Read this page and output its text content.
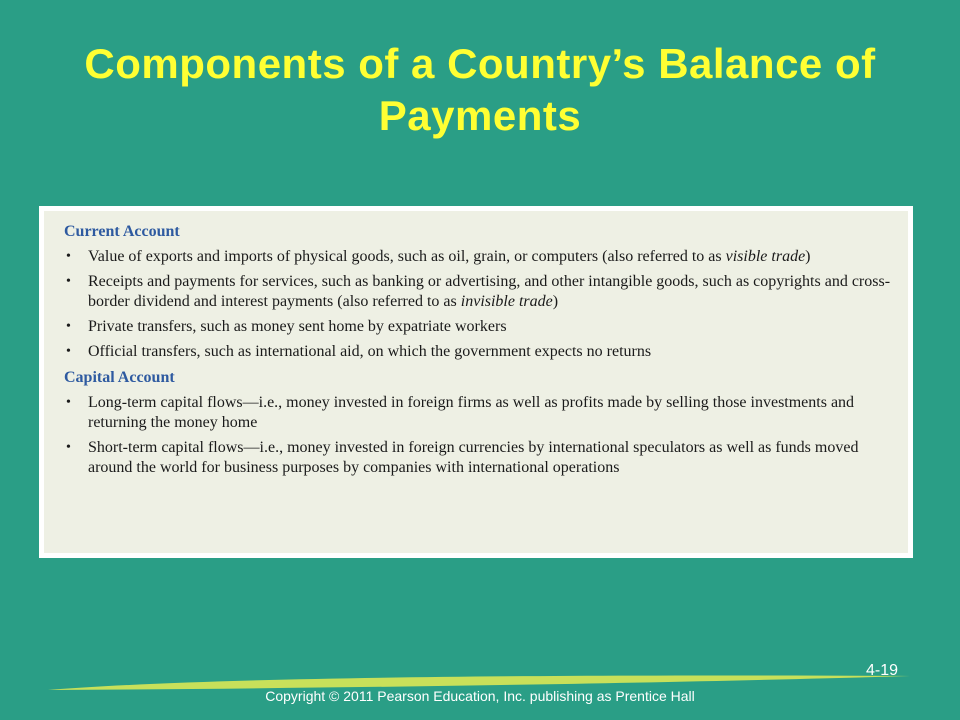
Components of a Country’s Balance of Payments

Current Account

• Value of exports and imports of physical goods, such as oil, grain, or computers (also referred to as visible trade)
• Receipts and payments for services, such as banking or advertising, and other intangible goods, such as copyrights and cross-border dividend and interest payments (also referred to as invisible trade)
• Private transfers, such as money sent home by expatriate workers
• Official transfers, such as international aid, on which the government expects no returns

Capital Account

• Long-term capital flows—i.e., money invested in foreign firms as well as profits made by selling those investments and returning the money home
• Short-term capital flows—i.e., money invested in foreign currencies by international speculators as well as funds moved around the world for business purposes by companies with international operations
4-19
Copyright © 2011 Pearson Education, Inc. publishing as Prentice Hall
